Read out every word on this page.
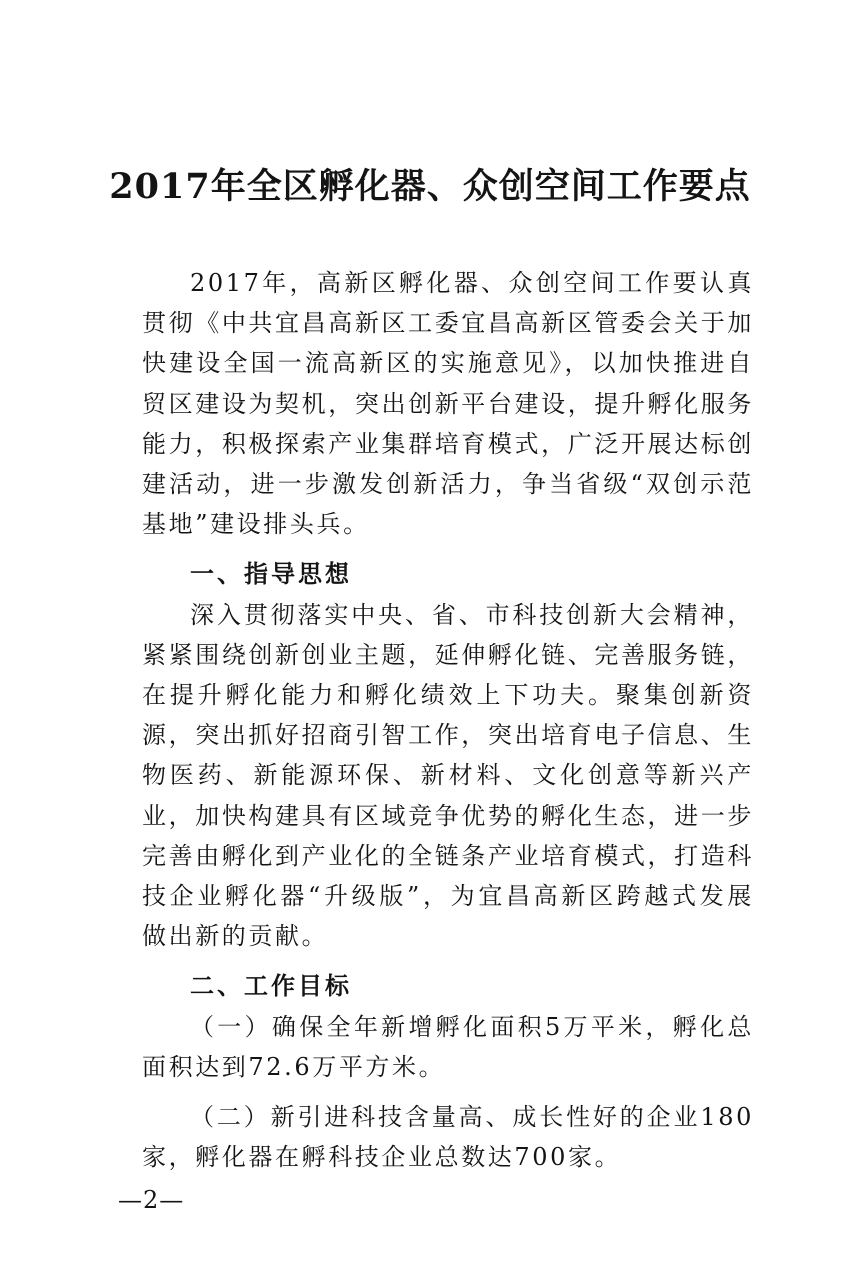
2017年全区孵化器、众创空间工作要点

2017年，高新区孵化器、众创空间工作要认真贯彻《中共宜昌高新区工委宜昌高新区管委会关于加快建设全国一流高新区的实施意见》，以加快推进自贸区建设为契机，突出创新平台建设，提升孵化服务能力，积极探索产业集群培育模式，广泛开展达标创建活动，进一步激发创新活力，争当省级“双创示范基地”建设排头兵。

一、指导思想

深入贯彻落实中央、省、市科技创新大会精神，紧紧围绕创新创业主题，延伸孵化链、完善服务链，在提升孵化能力和孵化绩效上下功夫。聚集创新资源，突出抓好招商引智工作，突出培育电子信息、生物医药、新能源环保、新材料、文化创意等新兴产业，加快构建具有区域竞争优势的孵化生态，进一步完善由孵化到产业化的全链条产业培育模式，打造科技企业孵化器“升级版”，为宜昌高新区跨越式发展做出新的贡献。

二、工作目标

（一）确保全年新增孵化面积5万平米，孵化总面积达到72.6万平方米。

（二）新引进科技含量高、成长性好的企业180家，孵化器在孵科技企业总数达700家。

—2—
